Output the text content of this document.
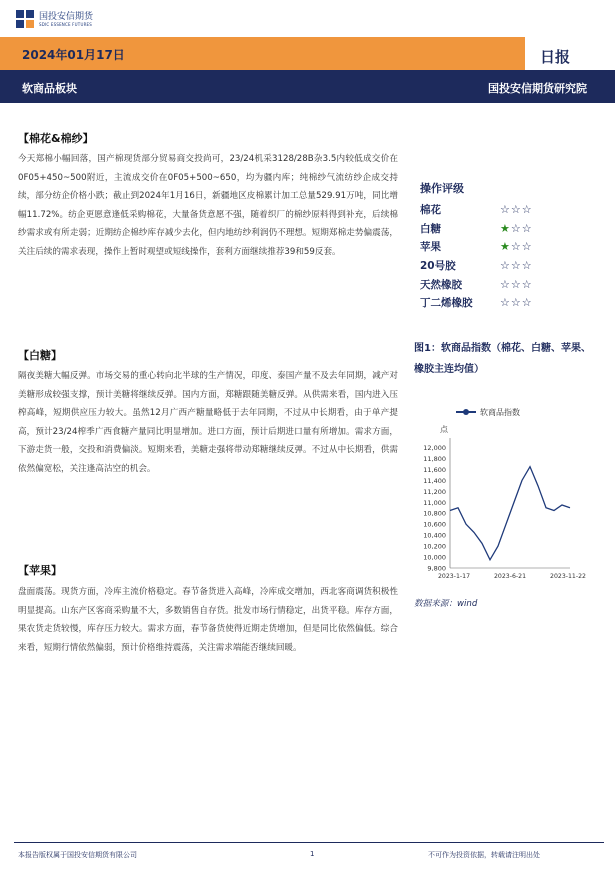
国投安信期货
SDIC ESSENCE FUTURES
2024年01月17日	日报
软商品板块	国投安信期货研究院
【棉花&棉纱】
今天郑棉小幅回落，国产棉现货部分贸易商交投尚可，23/24机采3128/28B杂3.5内较低成交价在0F05+450~500附近，主流成交价在0F05+500~650，均为疆内库；纯棉纱气流纺纱企成交持续，部分纺企价格小跌；截止到2024年1月16日，新疆地区皮棉累计加工总量529.91万吨，同比增幅11.72%。纺企更愿意逢低采购棉花，大量备货意愿不强，随着织厂的棉纱原料得到补充，后续棉纱需求或有所走弱；近期纺企棉纱库存减少去化，但内地纺纱利润仍不理想。短期郑棉走势偏震荡，关注后续的需求表现，操作上暂时观望或短线操作，套利方面继续推荐39和59反套。
【白糖】
隔夜美糖大幅反弹。市场交易的重心转向北半球的生产情况，印度、泰国产量不及去年同期，减产对美糖形成较强支撑，预计美糖将继续反弹。国内方面，郑糖跟随美糖反弹。从供需来看，国内进入压榨高峰，短期供应压力较大。虽然12月广西产糖量略低于去年同期，不过从中长期看，由于单产提高，预计23/24榨季广西食糖产量同比明显增加。进口方面，预计后期进口量有所增加。需求方面，下游走货一般，交投和消费偏淡。短期来看，美糖走强将带动郑糖继续反弹。不过从中长期看，供需依然偏宽松，关注逢高沽空的机会。
【苹果】
盘面震荡。现货方面，冷库主流价格稳定。春节备货进入高峰，冷库成交增加，西北客商调货积极性明显提高。山东产区客商采购量不大，多数销售自存货。批发市场行情稳定，出货平稳。库存方面，果农货走货较慢，库存压力较大。需求方面，春节备货使得近期走货增加，但是同比依然偏低。综合来看，短期行情依然偏弱，预计价格维持震荡，关注需求端能否继续回暖。
操作评级
棉花	☆☆☆
白糖	★☆☆
苹果	★☆☆
20号胶	☆☆☆
天然橡胶	☆☆☆
丁二烯橡胶	☆☆☆
图1：软商品指数（棉花、白糖、苹果、橡胶主连均值）
软商品指数
点
12,000
11,800
11,600
11,400
11,200
11,000
10,800
10,600
10,400
10,200
10,000
9,800
2023-1-17	2023-6-21	2023-11-22
数据来源：wind
本报告版权属于国投安信期货有限公司	1	不可作为投资依据，转载请注明出处
